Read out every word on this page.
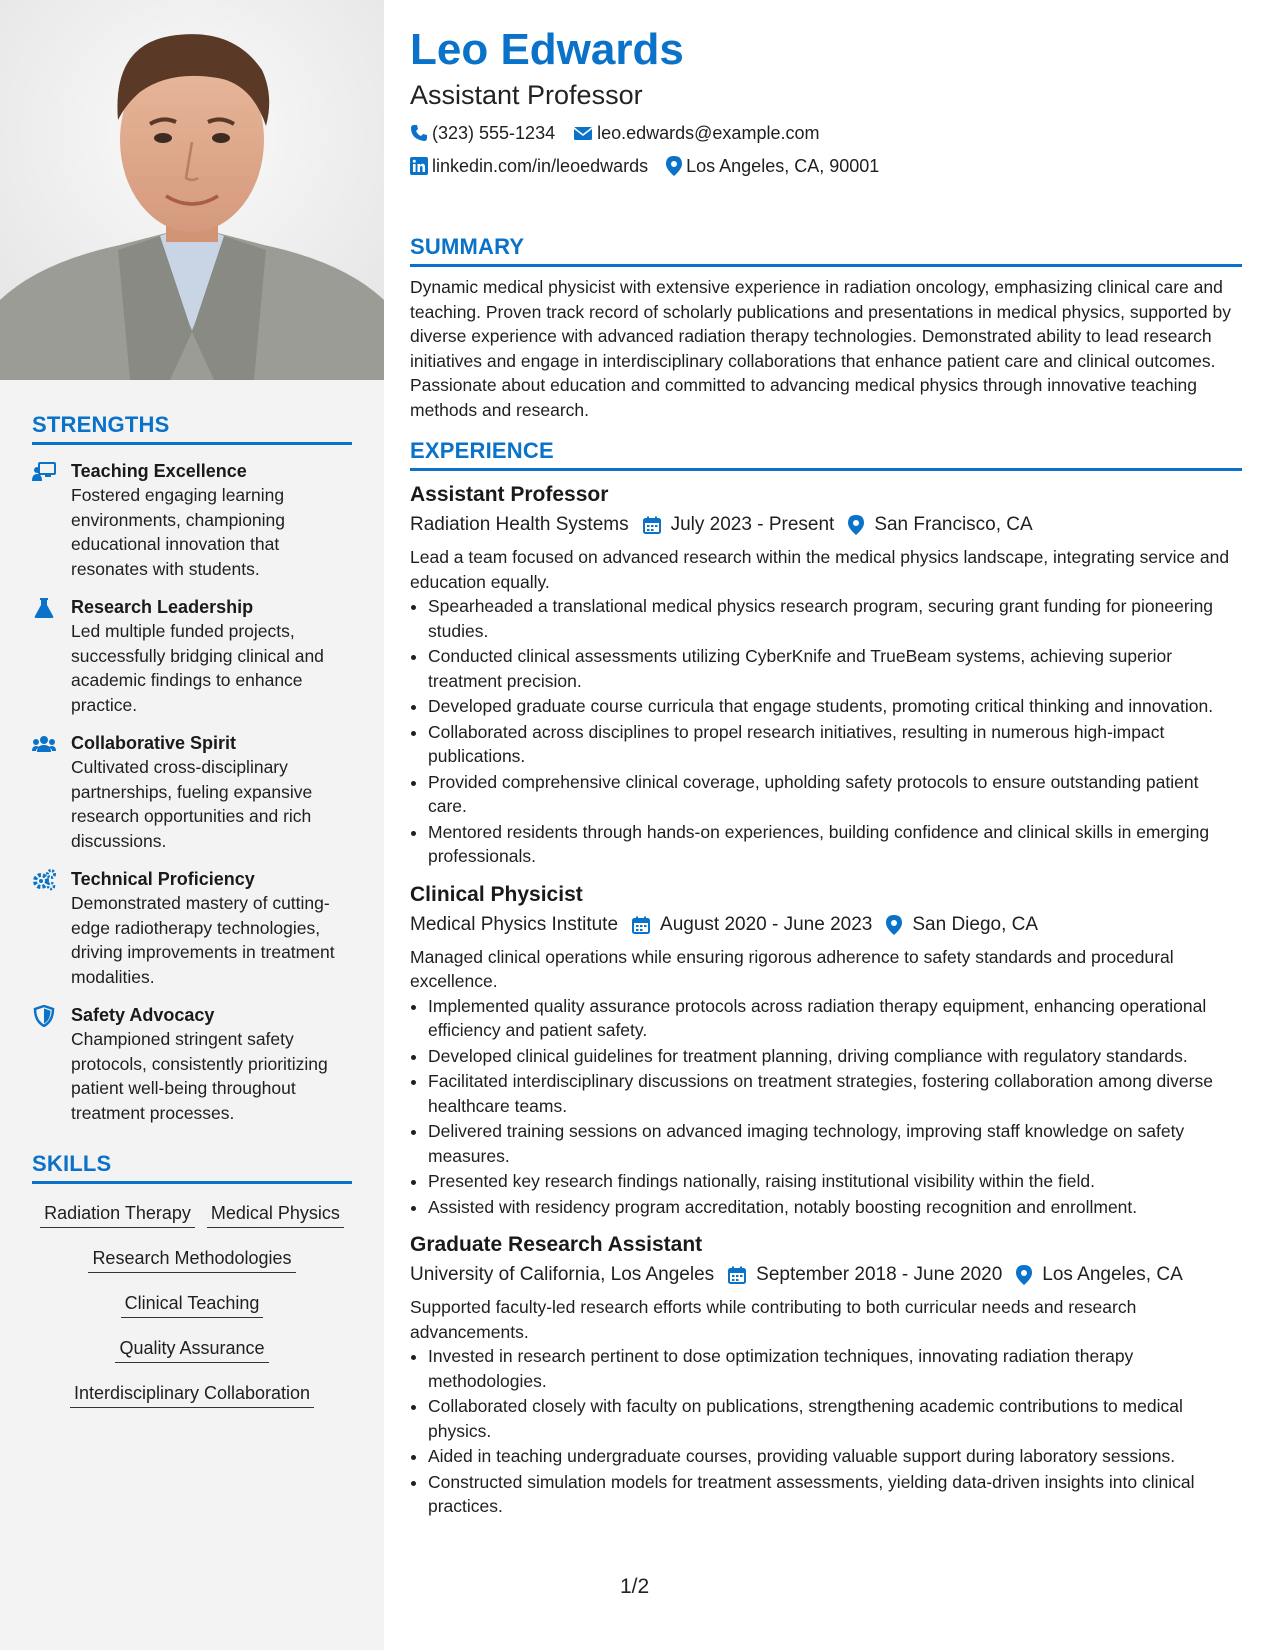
STRENGTHS
Teaching Excellence
Fostered engaging learning environments, championing educational innovation that resonates with students.
Research Leadership
Led multiple funded projects, successfully bridging clinical and academic findings to enhance practice.
Collaborative Spirit
Cultivated cross-disciplinary partnerships, fueling expansive research opportunities and rich discussions.
Technical Proficiency
Demonstrated mastery of cutting-edge radiotherapy technologies, driving improvements in treatment modalities.
Safety Advocacy
Championed stringent safety protocols, consistently prioritizing patient well-being throughout treatment processes.
SKILLS
Radiation Therapy Medical Physics
Research Methodologies
Clinical Teaching
Quality Assurance
Interdisciplinary Collaboration
Leo Edwards
Assistant Professor
(323) 555-1234 leo.edwards@example.com
linkedin.com/in/leoedwards Los Angeles, CA, 90001
SUMMARY
Dynamic medical physicist with extensive experience in radiation oncology, emphasizing clinical care and teaching. Proven track record of scholarly publications and presentations in medical physics, supported by diverse experience with advanced radiation therapy technologies. Demonstrated ability to lead research initiatives and engage in interdisciplinary collaborations that enhance patient care and clinical outcomes. Passionate about education and committed to advancing medical physics through innovative teaching methods and research.
EXPERIENCE
Assistant Professor
Radiation Health Systems July 2023 - Present San Francisco, CA
Lead a team focused on advanced research within the medical physics landscape, integrating service and education equally.
• Spearheaded a translational medical physics research program, securing grant funding for pioneering studies.
• Conducted clinical assessments utilizing CyberKnife and TrueBeam systems, achieving superior treatment precision.
• Developed graduate course curricula that engage students, promoting critical thinking and innovation.
• Collaborated across disciplines to propel research initiatives, resulting in numerous high-impact publications.
• Provided comprehensive clinical coverage, upholding safety protocols to ensure outstanding patient care.
• Mentored residents through hands-on experiences, building confidence and clinical skills in emerging professionals.
Clinical Physicist
Medical Physics Institute August 2020 - June 2023 San Diego, CA
Managed clinical operations while ensuring rigorous adherence to safety standards and procedural excellence.
• Implemented quality assurance protocols across radiation therapy equipment, enhancing operational efficiency and patient safety.
• Developed clinical guidelines for treatment planning, driving compliance with regulatory standards.
• Facilitated interdisciplinary discussions on treatment strategies, fostering collaboration among diverse healthcare teams.
• Delivered training sessions on advanced imaging technology, improving staff knowledge on safety measures.
• Presented key research findings nationally, raising institutional visibility within the field.
• Assisted with residency program accreditation, notably boosting recognition and enrollment.
Graduate Research Assistant
University of California, Los Angeles September 2018 - June 2020 Los Angeles, CA
Supported faculty-led research efforts while contributing to both curricular needs and research advancements.
• Invested in research pertinent to dose optimization techniques, innovating radiation therapy methodologies.
• Collaborated closely with faculty on publications, strengthening academic contributions to medical physics.
• Aided in teaching undergraduate courses, providing valuable support during laboratory sessions.
• Constructed simulation models for treatment assessments, yielding data-driven insights into clinical practices.
1/2
